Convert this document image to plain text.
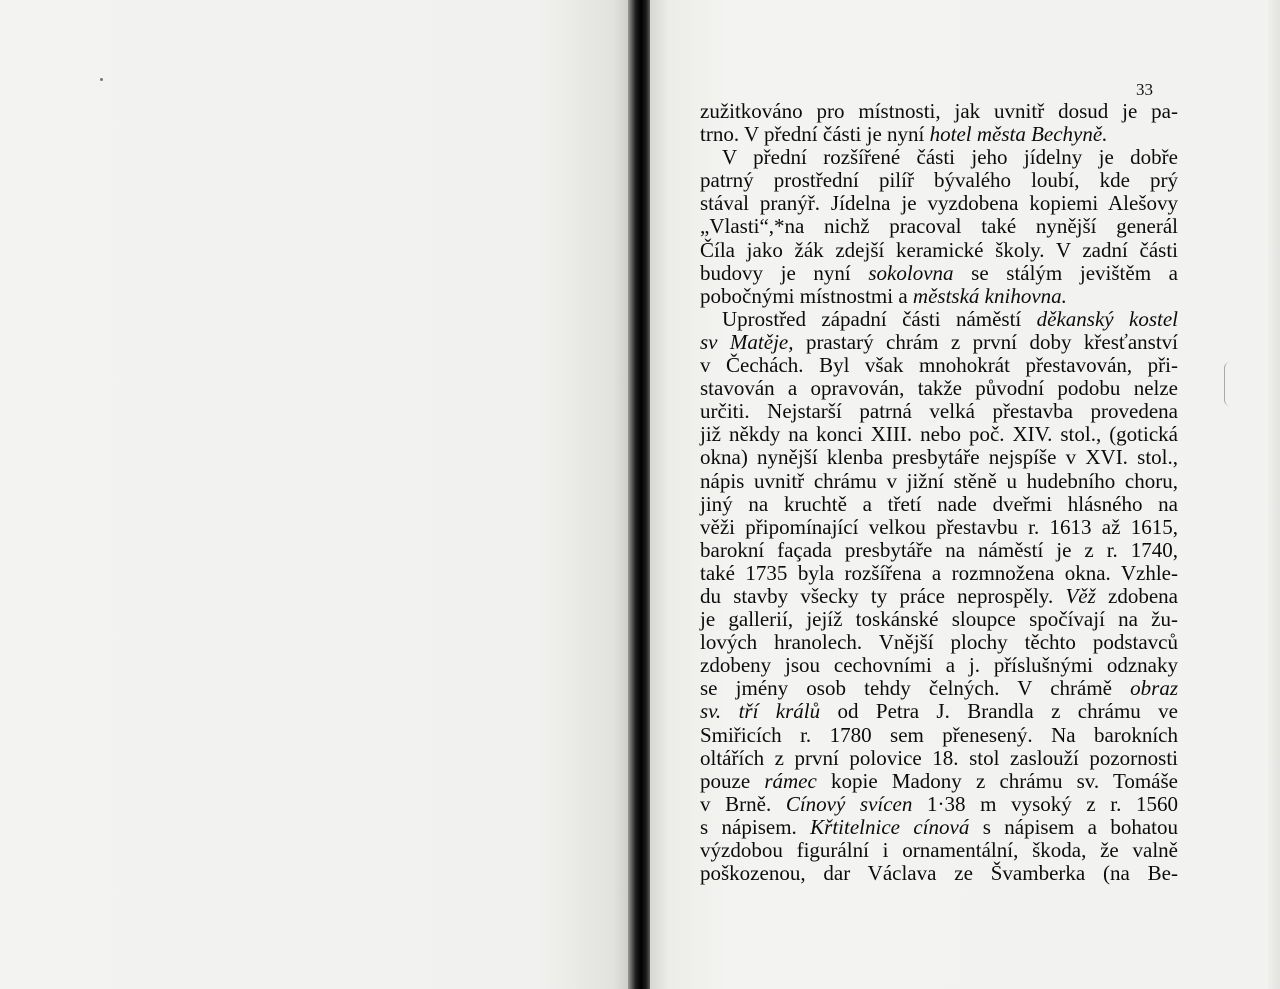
33
zužitkováno pro místnosti, jak uvnitř dosud je pa-
trno. V přední části je nyní hotel města Bechyně.
V přední rozšířené části jeho jídelny je dobře
patrný prostřední pilíř bývalého loubí, kde prý
stával pranýř. Jídelna je vyzdobena kopiemi Alešovy
„Vlasti“,*na nichž pracoval také nynější generál
Číla jako žák zdejší keramické školy. V zadní části
budovy je nyní sokolovna se stálým jevištěm a
pobočnými místnostmi a městská knihovna.
Uprostřed západní části náměstí děkanský kostel
sv Matěje, prastarý chrám z první doby křesťanství
v Čechách. Byl však mnohokrát přestavován, při-
stavován a opravován, takže původní podobu nelze
určiti. Nejstarší patrná velká přestavba provedena
již někdy na konci XIII. nebo poč. XIV. stol., (gotická
okna) nynější klenba presbytáře nejspíše v XVI. stol.,
nápis uvnitř chrámu v jižní stěně u hudebního choru,
jiný na kruchtě a třetí nade dveřmi hlásného na
věži připomínající velkou přestavbu r. 1613 až 1615,
barokní façada presbytáře na náměstí je z r. 1740,
také 1735 byla rozšířena a rozmnožena okna. Vzhle-
du stavby všecky ty práce neprospěly. Věž zdobena
je gallerií, jejíž toskánské sloupce spočívají na žu-
lových hranolech. Vnější plochy těchto podstavců
zdobeny jsou cechovními a j. příslušnými odznaky
se jmény osob tehdy čelných. V chrámě obraz
sv. tří králů od Petra J. Brandla z chrámu ve
Smiřicích r. 1780 sem přenesený. Na barokních
oltářích z první polovice 18. stol zaslouží pozornosti
pouze rámec kopie Madony z chrámu sv. Tomáše
v Brně. Cínový svícen 1·38 m vysoký z r. 1560
s nápisem. Křtitelnice cínová s nápisem a bohatou
výzdobou figurální i ornamentální, škoda, že valně
poškozenou, dar Václava ze Švamberka (na Be-
